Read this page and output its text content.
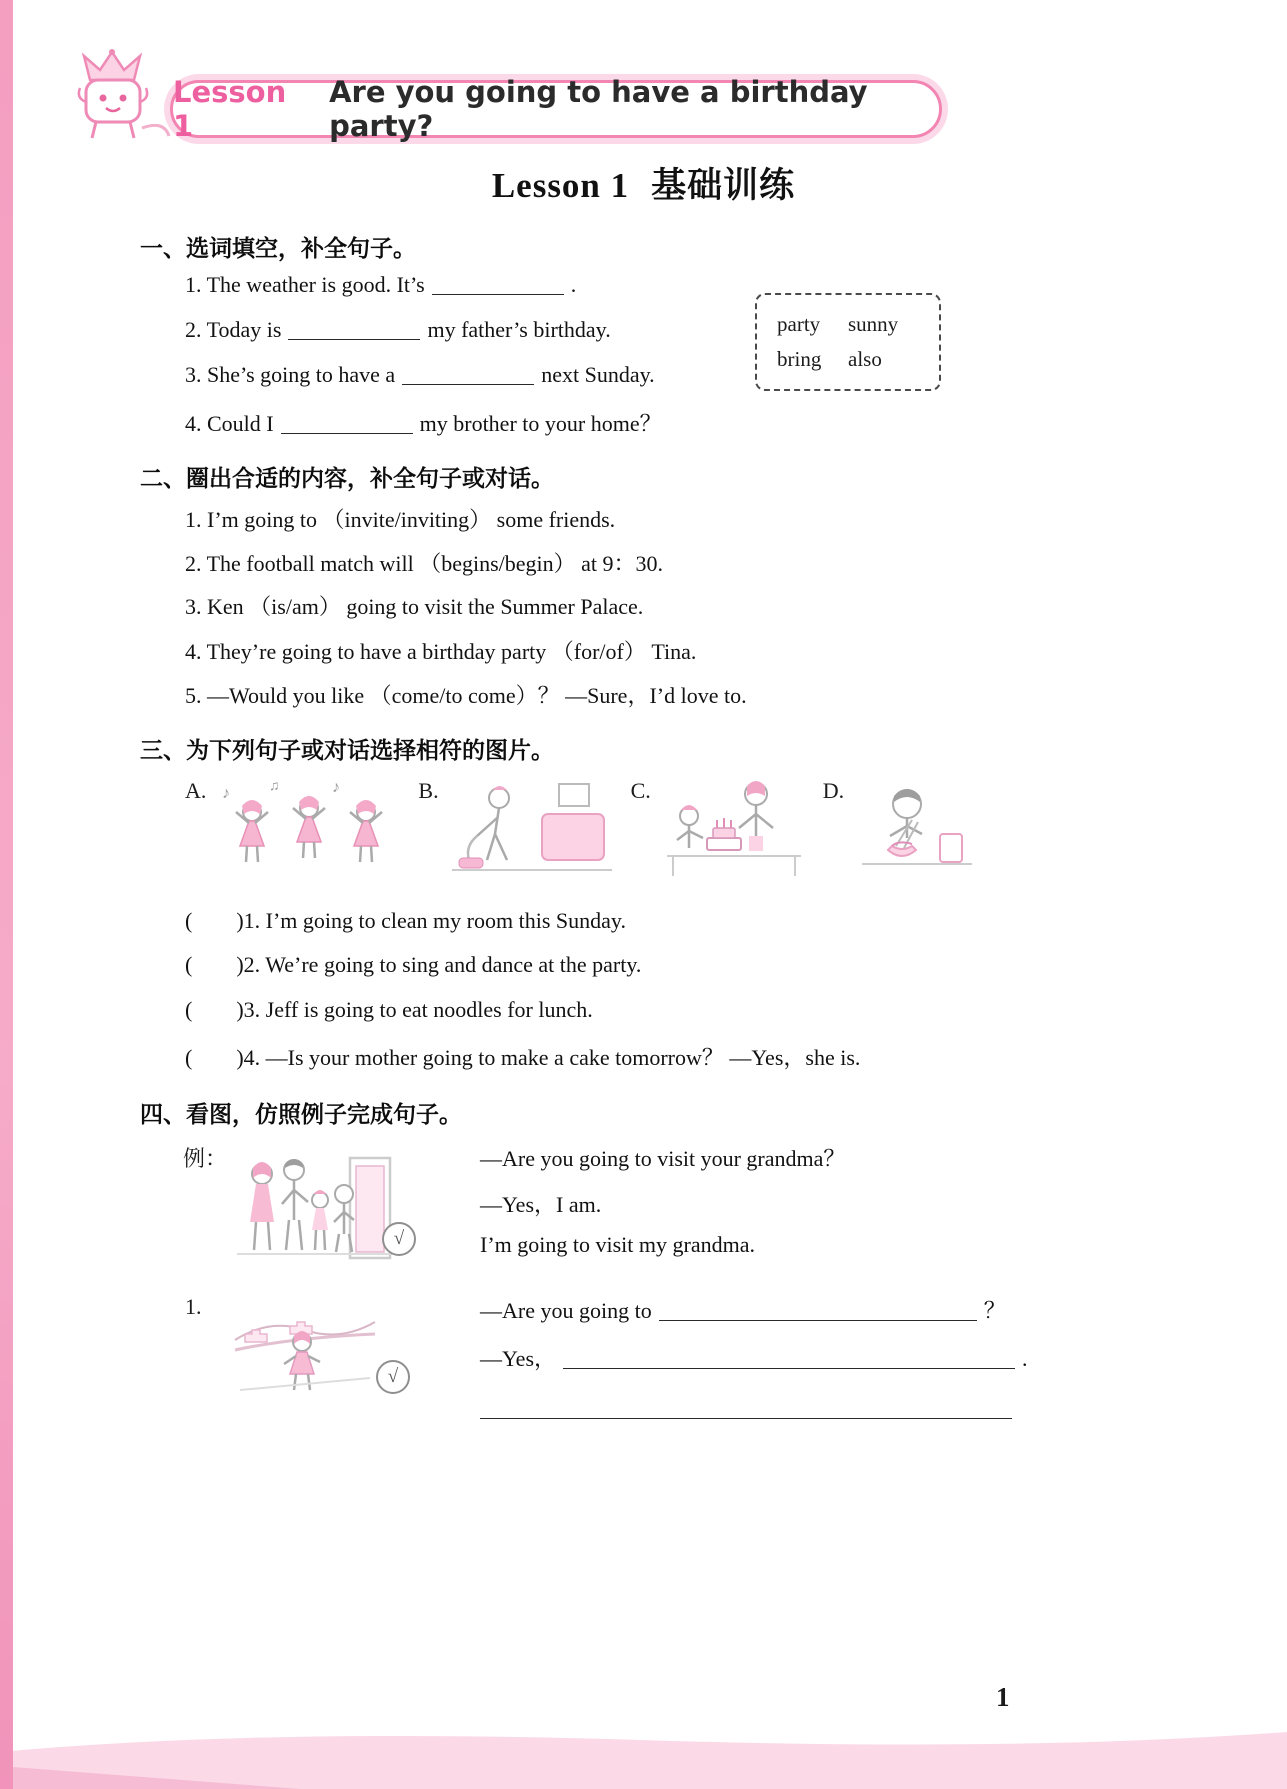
Lesson 1
Are you going to have a birthday party?
Lesson 1 基础训练
一、选词填空，补全句子。
1. The weather is good. It’s	.
2. Today is	my father’s birthday.
3. She’s going to have a	next Sunday.
4. Could I	my brother to your home？
party	sunny
bring	also
二、圈出合适的内容，补全句子或对话。
1. I’m going to （invite/inviting） some friends.
2. The football match will （begins/begin） at 9：30.
3. Ken （is/am） going to visit the Summer Palace.
4. They’re going to have a birthday party （for/of） Tina.
5. —Would you like （come/to come）？ —Sure，I’d love to.
三、为下列句子或对话选择相符的图片。
A. ♪	♫	♪	B.	C.	D.
(        )1. I’m going to clean my room this Sunday.
(        )2. We’re going to sing and dance at the party.
(        )3. Jeff is going to eat noodles for lunch.
(        )4. —Is your mother going to make a cake tomorrow？ —Yes，she is.
四、看图，仿照例子完成句子。
例：
√
—Are you going to visit your grandma？
—Yes，I am.
I’m going to visit my grandma.
1.
√
—Are you going to	？
—Yes，	.
1
